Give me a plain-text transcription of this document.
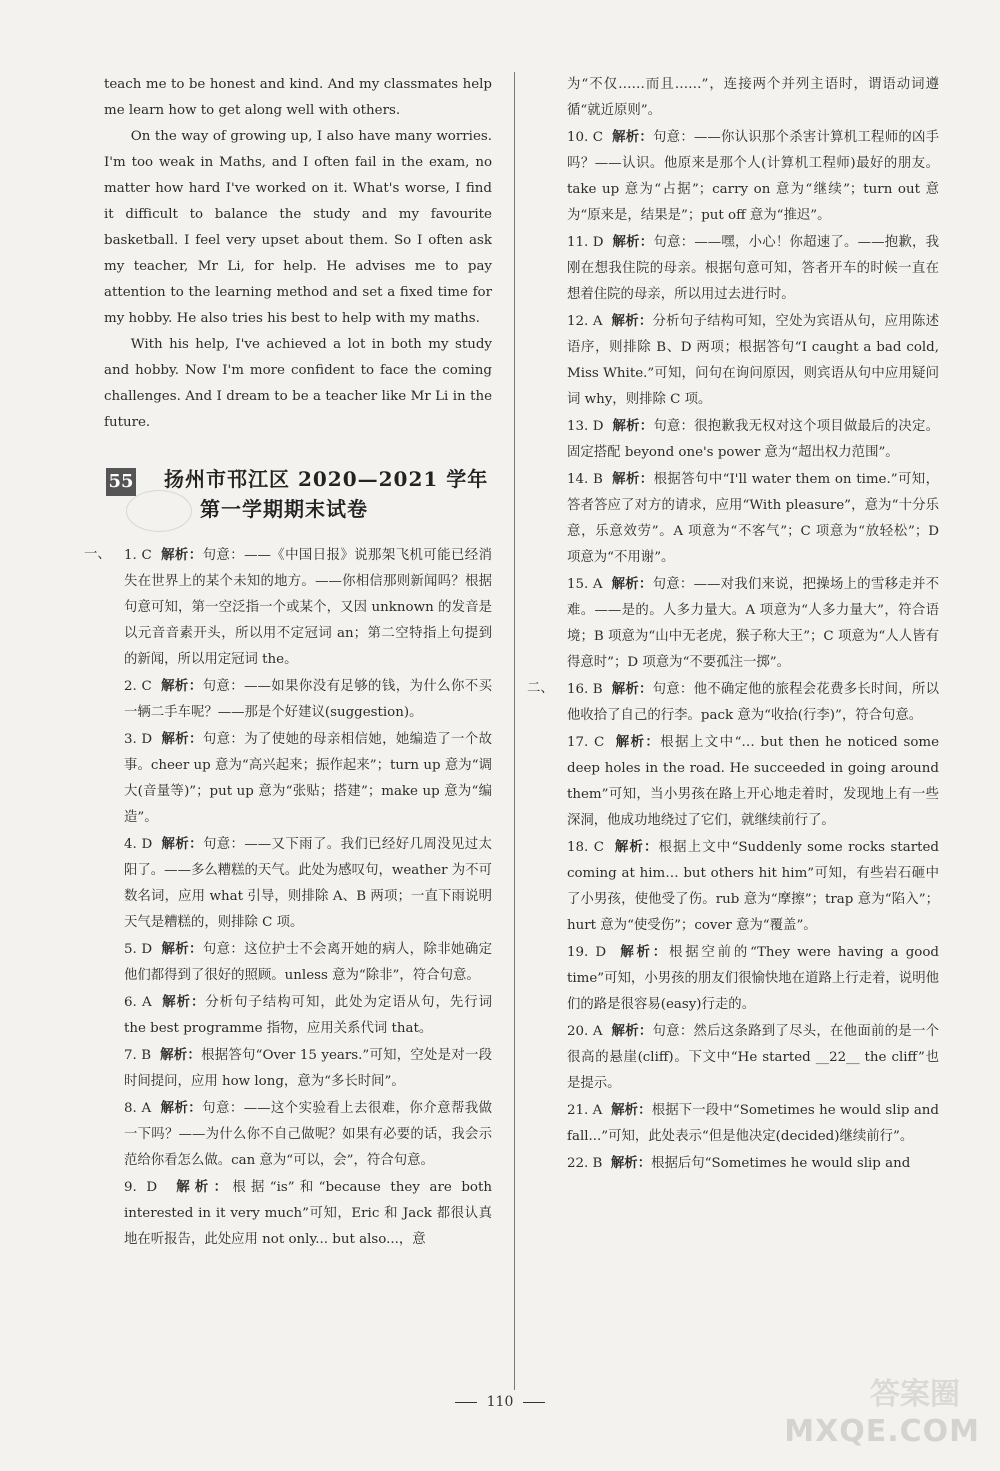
teach me to be honest and kind. And my classmates help me learn how to get along well with others.

On the way of growing up, I also have many worries. I'm too weak in Maths, and I often fail in the exam, no matter how hard I've worked on it. What's worse, I find it difficult to balance the study and my favourite basketball. I feel very upset about them. So I often ask my teacher, Mr Li, for help. He advises me to pay attention to the learning method and set a fixed time for my hobby. He also tries his best to help with my maths.

With his help, I've achieved a lot in both my study and hobby. Now I'm more confident to face the coming challenges. And I dream to be a teacher like Mr Li in the future.

55 扬州市邗江区 2020—2021 学年
第一学期期末试卷
一、 1. C 解析：句意：——《中国日报》说那架飞机可能已经消失在世界上的某个未知的地方。——你相信那则新闻吗？根据句意可知，第一空泛指一个或某个，又因 unknown 的发音是以元音音素开头，所以用不定冠词 an；第二空特指上句提到的新闻，所以用定冠词 the。
2. C 解析：句意：——如果你没有足够的钱，为什么你不买一辆二手车呢？——那是个好建议(suggestion)。
3. D 解析：句意：为了使她的母亲相信她，她编造了一个故事。cheer up 意为“高兴起来；振作起来”；turn up 意为“调大(音量等)”；put up 意为“张贴；搭建”；make up 意为“编造”。
4. D 解析：句意：——又下雨了。我们已经好几周没见过太阳了。——多么糟糕的天气。此处为感叹句，weather 为不可数名词，应用 what 引导，则排除 A、B 两项；一直下雨说明天气是糟糕的，则排除 C 项。
5. D 解析：句意：这位护士不会离开她的病人，除非她确定他们都得到了很好的照顾。unless 意为“除非”，符合句意。
6. A 解析：分析句子结构可知，此处为定语从句，先行词 the best programme 指物，应用关系代词 that。
7. B 解析：根据答句“Over 15 years.”可知，空处是对一段时间提问，应用 how long，意为“多长时间”。
8. A 解析：句意：——这个实验看上去很难，你介意帮我做一下吗？——为什么你不自己做呢？如果有必要的话，我会示范给你看怎么做。can 意为“可以，会”，符合句意。
9. D 解析：根据“is”和“because they are both interested in it very much”可知，Eric 和 Jack 都很认真地在听报告，此处应用 not only... but also...，意
为“不仅……而且……”，连接两个并列主语时，谓语动词遵循“就近原则”。
10. C 解析：句意：——你认识那个杀害计算机工程师的凶手吗？——认识。他原来是那个人(计算机工程师)最好的朋友。take up 意为“占据”；carry on 意为“继续”；turn out 意为“原来是，结果是”；put off 意为“推迟”。
11. D 解析：句意：——嘿，小心！你超速了。——抱歉，我刚在想我住院的母亲。根据句意可知，答者开车的时候一直在想着住院的母亲，所以用过去进行时。
12. A 解析：分析句子结构可知，空处为宾语从句，应用陈述语序，则排除 B、D 两项；根据答句“I caught a bad cold, Miss White.”可知，问句在询问原因，则宾语从句中应用疑问词 why，则排除 C 项。
13. D 解析：句意：很抱歉我无权对这个项目做最后的决定。固定搭配 beyond one's power 意为“超出权力范围”。
14. B 解析：根据答句中“I'll water them on time.”可知，答者答应了对方的请求，应用“With pleasure”，意为“十分乐意，乐意效劳”。A 项意为“不客气”；C 项意为“放轻松”；D 项意为“不用谢”。
15. A 解析：句意：——对我们来说，把操场上的雪移走并不难。——是的。人多力量大。A 项意为“人多力量大”，符合语境；B 项意为“山中无老虎，猴子称大王”；C 项意为“人人皆有得意时”；D 项意为“不要孤注一掷”。
二、 16. B 解析：句意：他不确定他的旅程会花费多长时间，所以他收拾了自己的行李。pack 意为“收拾(行李)”，符合句意。
17. C 解析：根据上文中“… but then he noticed some deep holes in the road. He succeeded in going around them”可知，当小男孩在路上开心地走着时，发现地上有一些深洞，他成功地绕过了它们，就继续前行了。
18. C 解析：根据上文中“Suddenly some rocks started coming at him… but others hit him”可知，有些岩石砸中了小男孩，使他受了伤。rub 意为“摩擦”；trap 意为“陷入”；hurt 意为“使受伤”；cover 意为“覆盖”。
19. D 解析：根据空前的“They were having a good time”可知，小男孩的朋友们很愉快地在道路上行走着，说明他们的路是很容易(easy)行走的。
20. A 解析：句意：然后这条路到了尽头，在他面前的是一个很高的悬崖(cliff)。下文中“He started __22__ the cliff”也是提示。
21. A 解析：根据下一段中“Sometimes he would slip and fall...”可知，此处表示“但是他决定(decided)继续前行”。
22. B 解析：根据后句“Sometimes he would slip and
110	答案圈
MXQE.COM
